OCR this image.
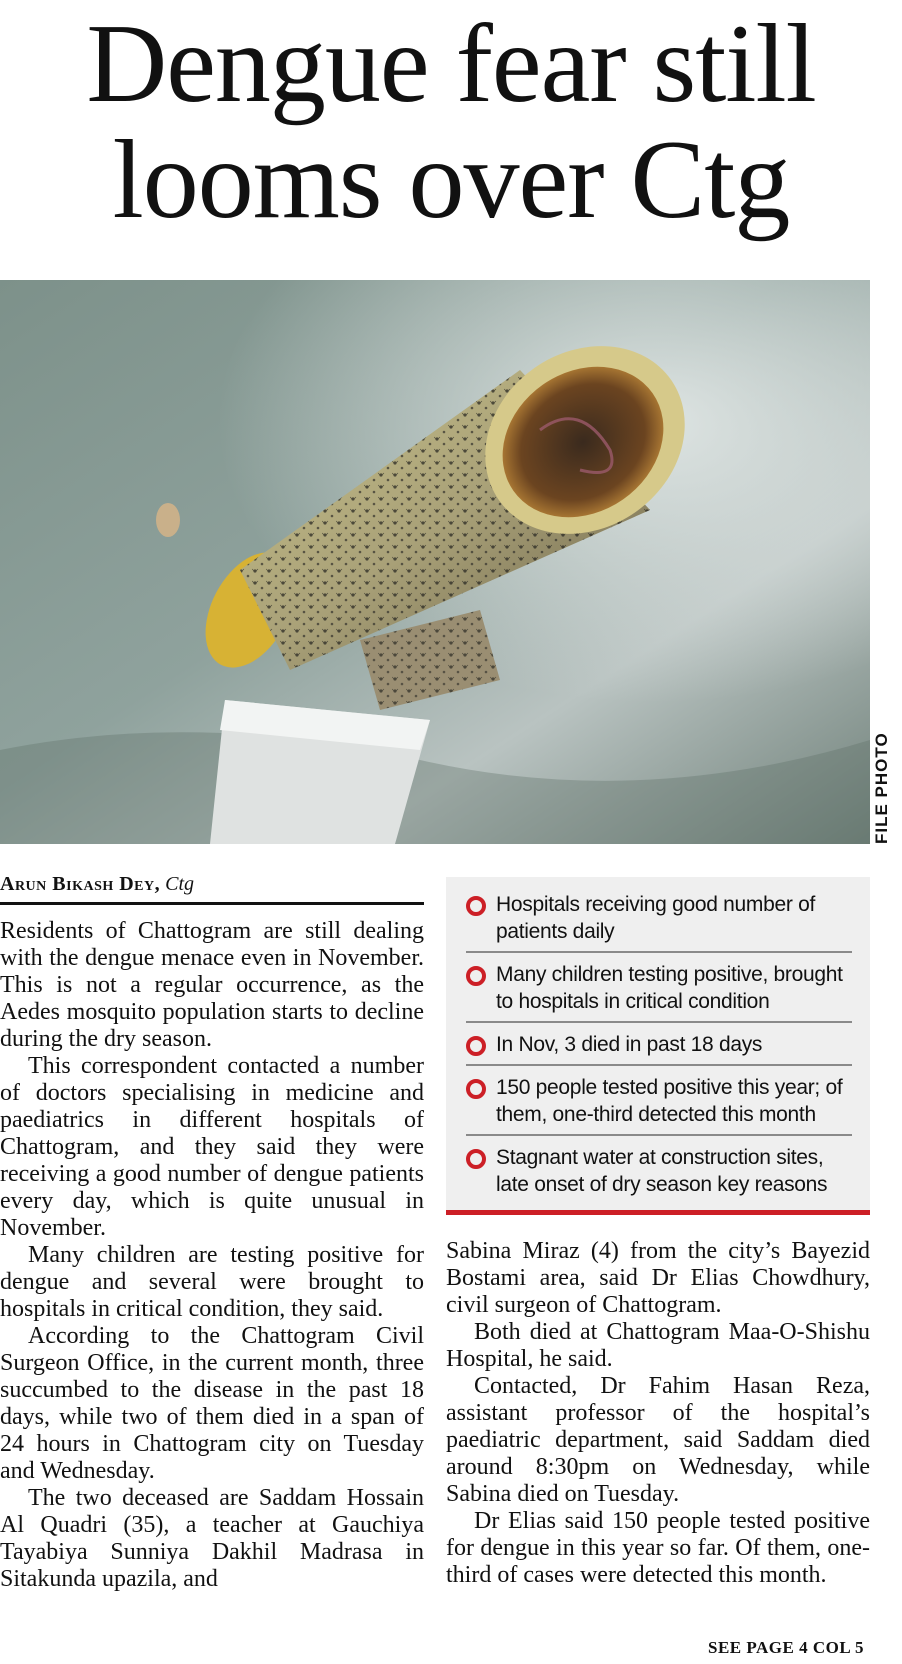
Dengue fear still
looms over Ctg
FILE PHOTO
Arun Bikash Dey, Ctg

Residents of Chattogram are still dealing with the dengue menace even in November. This is not a regular occurrence, as the Aedes mosquito population starts to decline during the dry season.

This correspondent contacted a number of doctors specialising in medicine and paediatrics in different hospitals of Chattogram, and they said they were receiving a good number of dengue patients every day, which is quite unusual in November.

Many children are testing positive for dengue and several were brought to hospitals in critical condition, they said.

According to the Chattogram Civil Surgeon Office, in the current month, three succumbed to the disease in the past 18 days, while two of them died in a span of 24 hours in Chattogram city on Tuesday and Wednesday.

The two deceased are Saddam Hossain Al Quadri (35), a teacher at Gauchiya Tayabiya Sunniya Dakhil Madrasa in Sitakunda upazila, and

Hospitals receiving good number of patients daily
Many children testing positive, brought to hospitals in critical condition
In Nov, 3 died in past 18 days
150 people tested positive this year; of them, one-third detected this month
Stagnant water at construction sites, late onset of dry season key reasons

Sabina Miraz (4) from the city’s Bayezid Bostami area, said Dr Elias Chowdhury, civil surgeon of Chattogram.

Both died at Chattogram Maa-O-Shishu Hospital, he said.

Contacted, Dr Fahim Hasan Reza, assistant professor of the hospital’s paediatric department, said Saddam died around 8:30pm on Wednesday, while Sabina died on Tuesday.

Dr Elias said 150 people tested positive for dengue in this year so far. Of them, one-third of cases were detected this month.

SEE PAGE 4 COL 5
